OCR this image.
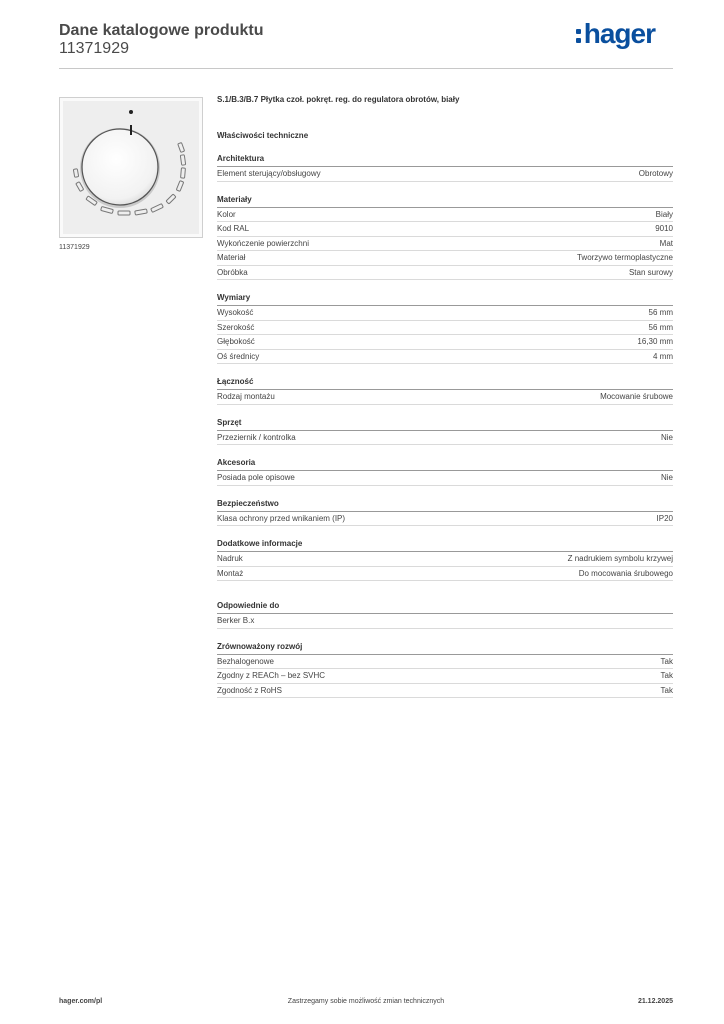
Dane katalogowe produktu
11371929	hager
11371929
S.1/B.3/B.7 Płytka czoł. pokręt. reg. do regulatora obrotów, biały
Właściwości techniczne
Architektura
Element sterujący/obsługowy	Obrotowy
Materiały
Kolor	Biały
Kod RAL	9010
Wykończenie powierzchni	Mat
Materiał	Tworzywo termoplastyczne
Obróbka	Stan surowy
Wymiary
Wysokość	56 mm
Szerokość	56 mm
Głębokość	16,30 mm
Oś średnicy	4 mm
Łączność
Rodzaj montażu	Mocowanie śrubowe
Sprzęt
Przeziernik / kontrolka	Nie
Akcesoria
Posiada pole opisowe	Nie
Bezpieczeństwo
Klasa ochrony przed wnikaniem (IP)	IP20
Dodatkowe informacje
Nadruk	Z nadrukiem symbolu krzywej
Montaż	Do mocowania śrubowego
Odpowiednie do
Berker B.x
Zrównoważony rozwój
Bezhalogenowe	Tak
Zgodny z REACh – bez SVHC	Tak
Zgodność z RoHS	Tak
hager.com/pl	Zastrzegamy sobie możliwość zmian technicznych	21.12.2025
